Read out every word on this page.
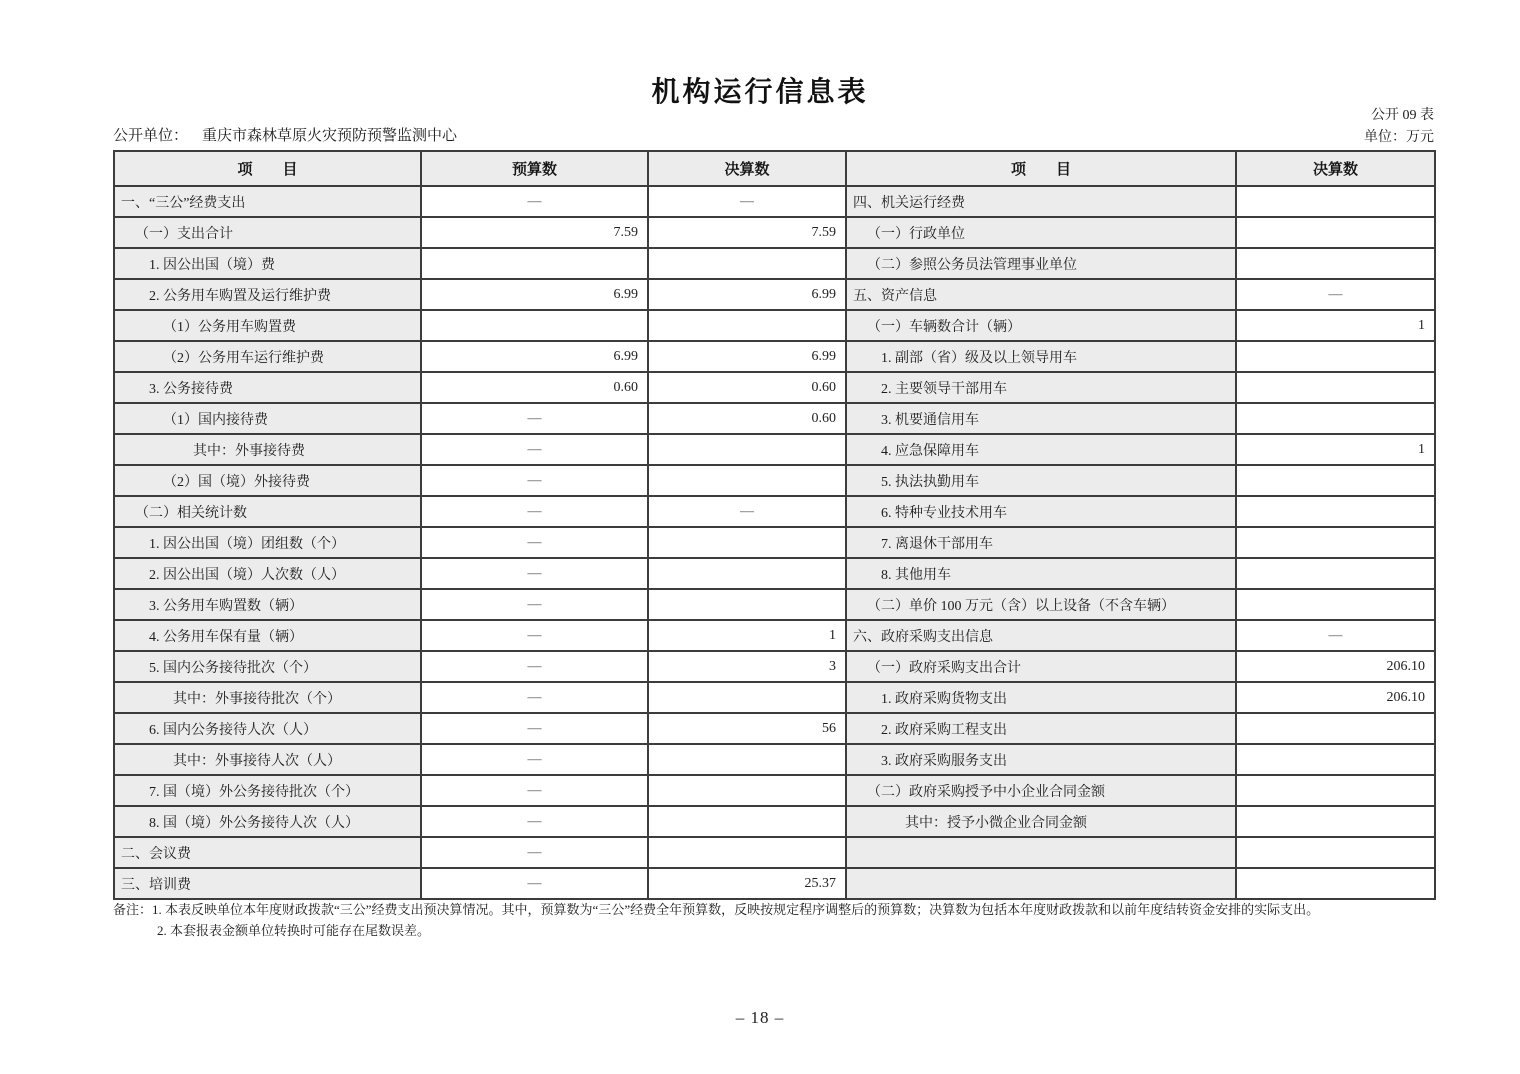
机构运行信息表
公开 09 表
单位：万元
公开单位： 重庆市森林草原火灾预防预警监测中心
项　　目	预算数	决算数	项　　目	决算数
一、“三公”经费支出	—	—	四、机关运行经费	
（一）支出合计	7.59	7.59	（一）行政单位	
1. 因公出国（境）费			（二）参照公务员法管理事业单位	
2. 公务用车购置及运行维护费	6.99	6.99	五、资产信息	—
（1）公务用车购置费			（一）车辆数合计（辆）	1
（2）公务用车运行维护费	6.99	6.99	1. 副部（省）级及以上领导用车	
3. 公务接待费	0.60	0.60	2. 主要领导干部用车	
（1）国内接待费	—	0.60	3. 机要通信用车	
其中：外事接待费	—		4. 应急保障用车	1
（2）国（境）外接待费	—		5. 执法执勤用车	
（二）相关统计数	—	—	6. 特种专业技术用车	
1. 因公出国（境）团组数（个）	—		7. 离退休干部用车	
2. 因公出国（境）人次数（人）	—		8. 其他用车	
3. 公务用车购置数（辆）	—		（二）单价 100 万元（含）以上设备（不含车辆）	
4. 公务用车保有量（辆）	—	1	六、政府采购支出信息	—
5. 国内公务接待批次（个）	—	3	（一）政府采购支出合计	206.10
其中：外事接待批次（个）	—		1. 政府采购货物支出	206.10
6. 国内公务接待人次（人）	—	56	2. 政府采购工程支出	
其中：外事接待人次（人）	—		3. 政府采购服务支出	
7. 国（境）外公务接待批次（个）	—		（二）政府采购授予中小企业合同金额	
8. 国（境）外公务接待人次（人）	—		其中：授予小微企业合同金额	
二、会议费	—			
三、培训费	—	25.37		
备注： 1. 本表反映单位本年度财政拨款“三公”经费支出预决算情况。其中，预算数为“三公”经费全年预算数，反映按规定程序调整后的预算数；决算数为包括本年度财政拨款和以前年度结转资金安排的实际支出。
2. 本套报表金额单位转换时可能存在尾数误差。
– 18 –
